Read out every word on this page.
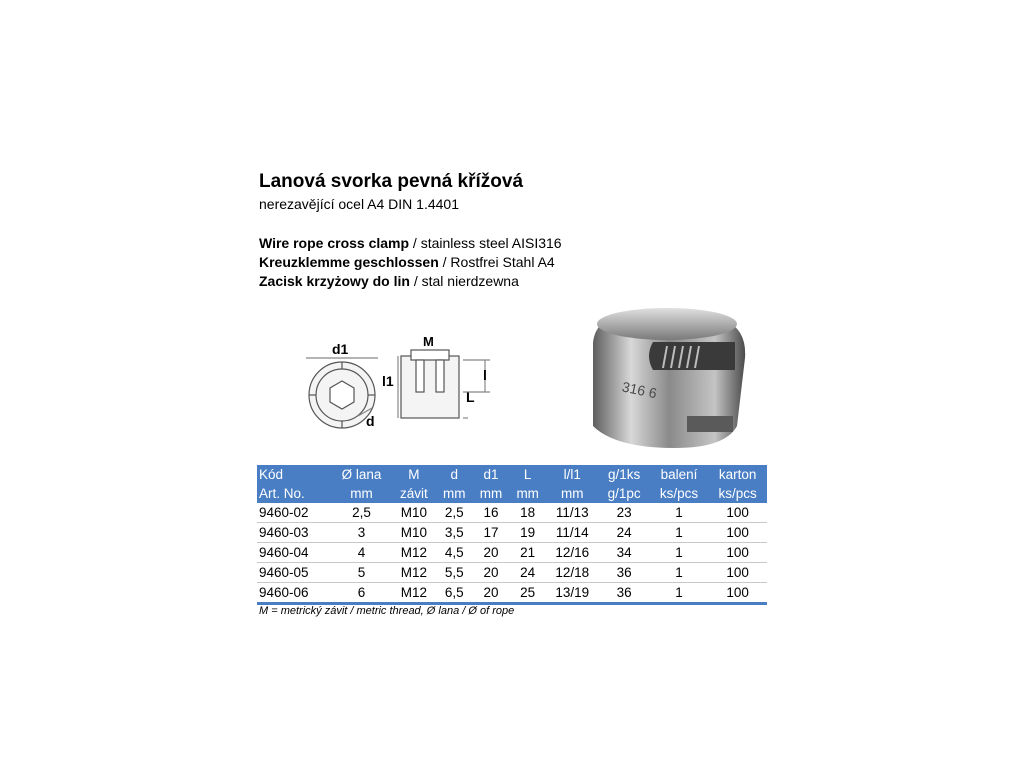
Lanová svorka pevná křížová
nerezavějící ocel A4 DIN 1.4401
Wire rope cross clamp / stainless steel AISI316
Kreuzklemme geschlossen / Rostfrei Stahl A4
Zacisk krzyżowy do lin / stal nierdzewna
d1
d
M
l1	l
L	316 6
Kód	Ø lana	M	d	d1	L	l/l1	g/1ks	balení	karton
Art. No.	mm	závit	mm	mm	mm	mm	g/1pc	ks/pcs	ks/pcs
9460-02	2,5	M10	2,5	16	18	11/13	23	1	100
9460-03	3	M10	3,5	17	19	11/14	24	1	100
9460-04	4	M12	4,5	20	21	12/16	34	1	100
9460-05	5	M12	5,5	20	24	12/18	36	1	100
9460-06	6	M12	6,5	20	25	13/19	36	1	100
M = metrický závit / metric thread, Ø lana / Ø of rope
